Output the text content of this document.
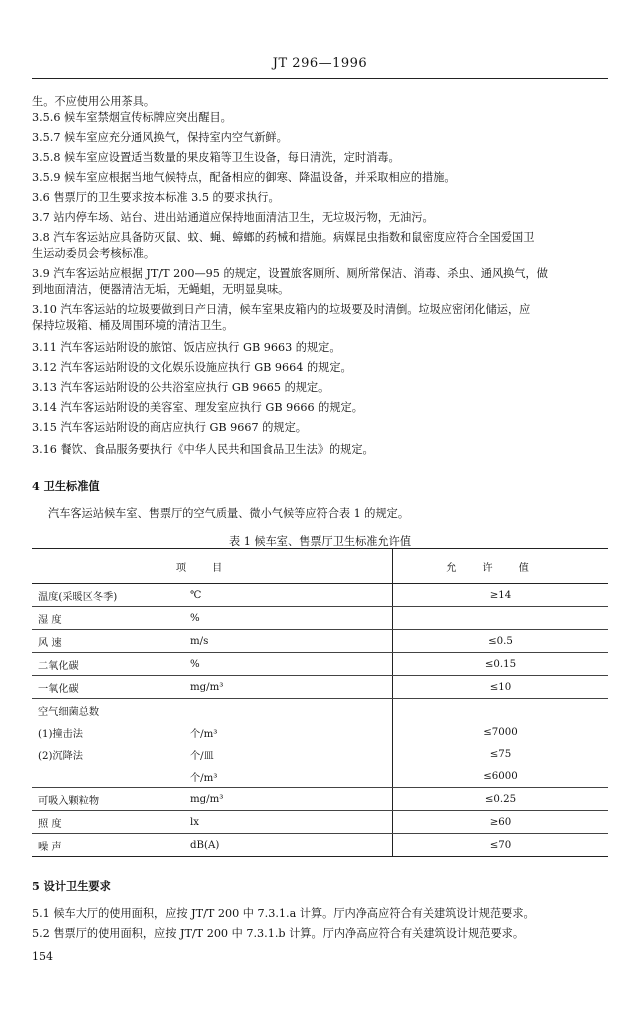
JT 296—1996
生。不应使用公用茶具。
3.5.6 候车室禁烟宣传标牌应突出醒目。
3.5.7 候车室应充分通风换气，保持室内空气新鲜。
3.5.8 候车室应设置适当数量的果皮箱等卫生设备，每日清洗，定时消毒。
3.5.9 候车室应根据当地气候特点，配备相应的御寒、降温设备，并采取相应的措施。
3.6 售票厅的卫生要求按本标准 3.5 的要求执行。
3.7 站内停车场、站台、进出站通道应保持地面清洁卫生，无垃圾污物，无油污。
3.8 汽车客运站应具备防灭鼠、蚊、蝇、蟑螂的药械和措施。病媒昆虫指数和鼠密度应符合全国爱国卫
生运动委员会考核标准。
3.9 汽车客运站应根据 JT/T 200—95 的规定，设置旅客厕所、厕所常保洁、消毒、杀虫、通风换气，做
到地面清洁，便器清洁无垢，无蝇蛆，无明显臭味。
3.10 汽车客运站的垃圾要做到日产日清，候车室果皮箱内的垃圾要及时清倒。垃圾应密闭化储运，应
保持垃圾箱、桶及周围环境的清洁卫生。
3.11 汽车客运站附设的旅馆、饭店应执行 GB 9663 的规定。
3.12 汽车客运站附设的文化娱乐设施应执行 GB 9664 的规定。
3.13 汽车客运站附设的公共浴室应执行 GB 9665 的规定。
3.14 汽车客运站附设的美容室、理发室应执行 GB 9666 的规定。
3.15 汽车客运站附设的商店应执行 GB 9667 的规定。
3.16 餐饮、食品服务要执行《中华人民共和国食品卫生法》的规定。
4 卫生标准值
汽车客运站候车室、售票厅的空气质量、微小气候等应符合表 1 的规定。
表 1 候车室、售票厅卫生标准允许值
项目		允许值
温度(采暖区冬季)	℃	≥14
湿 度	%	
风 速	m/s	≤0.5
二氧化碳	%	≤0.15
一氧化碳	mg/m³	≤10
空气细菌总数		
(1)撞击法	个/m³	≤7000
(2)沉降法	个/皿	≤75
	个/m³	≤6000
可吸入颗粒物	mg/m³	≤0.25
照 度	lx	≥60
噪 声	dB(A)	≤70
5 设计卫生要求
5.1 候车大厅的使用面积，应按 JT/T 200 中 7.3.1.a 计算。厅内净高应符合有关建筑设计规范要求。
5.2 售票厅的使用面积，应按 JT/T 200 中 7.3.1.b 计算。厅内净高应符合有关建筑设计规范要求。
154
